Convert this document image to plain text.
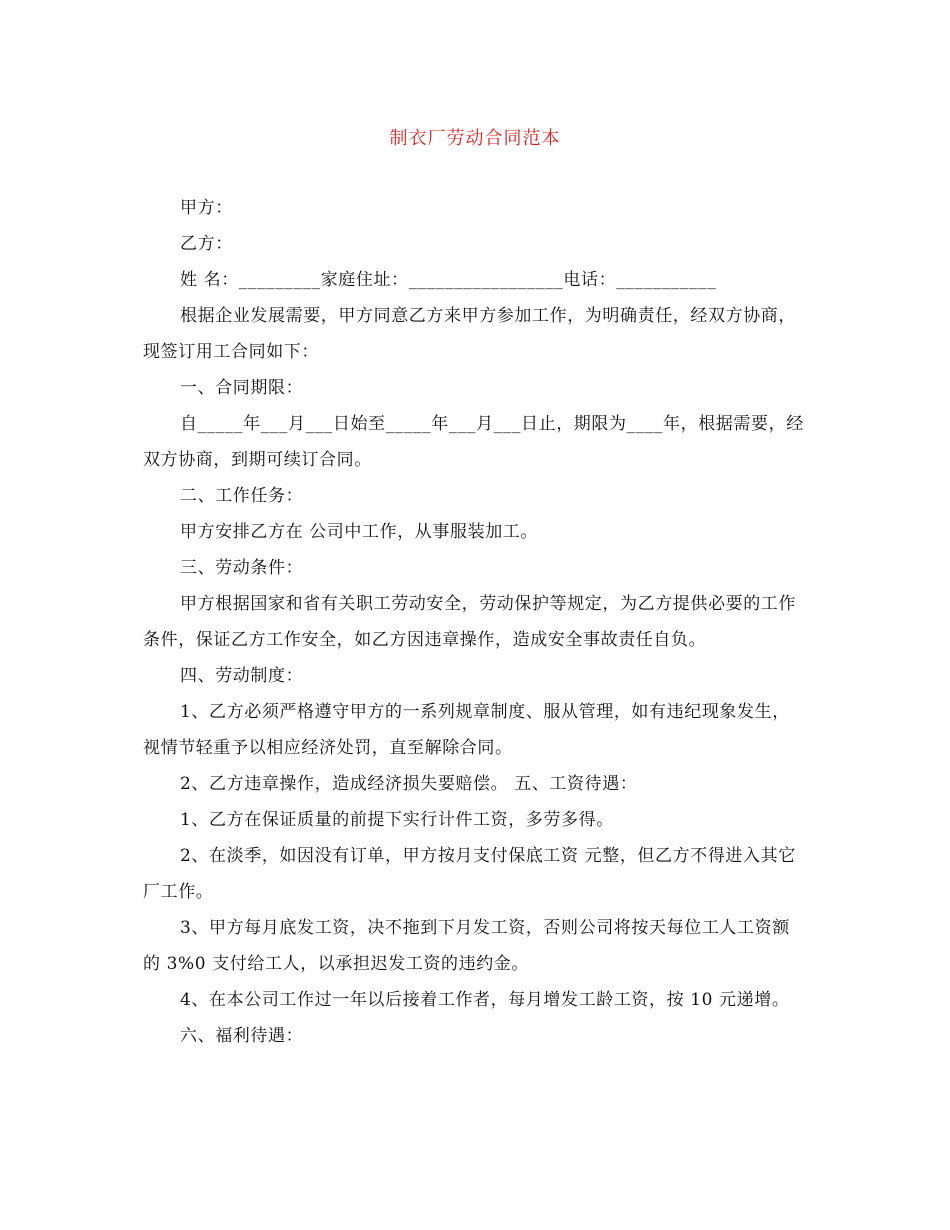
制衣厂劳动合同范本

甲方：

乙方：

姓 名：_________家庭住址：_________________电话：___________

根据企业发展需要，甲方同意乙方来甲方参加工作，为明确责任，经双方协商，现签订用工合同如下：

一、合同期限：

自_____年___月___日始至_____年___月___日止，期限为____年，根据需要，经双方协商，到期可续订合同。

二、工作任务：

甲方安排乙方在 公司中工作，从事服装加工。

三、劳动条件：

甲方根据国家和省有关职工劳动安全，劳动保护等规定，为乙方提供必要的工作条件，保证乙方工作安全，如乙方因违章操作，造成安全事故责任自负。

四、劳动制度：

1、乙方必须严格遵守甲方的一系列规章制度、服从管理，如有违纪现象发生，视情节轻重予以相应经济处罚，直至解除合同。

2、乙方违章操作，造成经济损失要赔偿。 五、工资待遇：

1、乙方在保证质量的前提下实行计件工资，多劳多得。

2、在淡季，如因没有订单，甲方按月支付保底工资 元整，但乙方不得进入其它厂工作。

3、甲方每月底发工资，决不拖到下月发工资，否则公司将按天每位工人工资额的 3%0 支付给工人，以承担迟发工资的违约金。

4、在本公司工作过一年以后接着工作者，每月增发工龄工资，按 10 元递增。

六、福利待遇：
